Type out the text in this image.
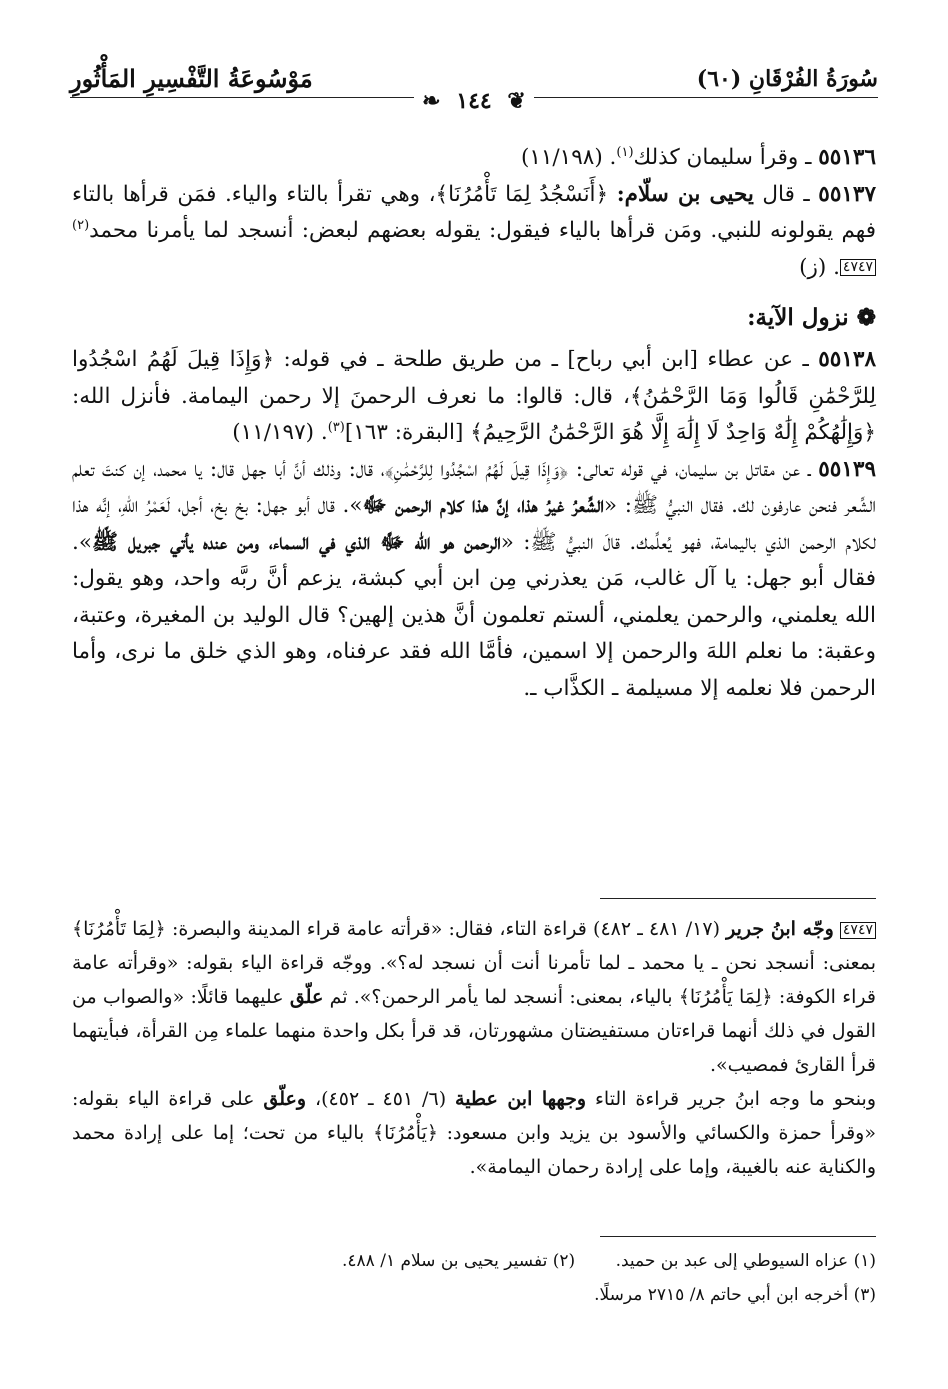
سُورَةُ الفُرْقَانِ (٦٠)
مَوْسُوعَةُ التَّفْسِيرِ المَأْثُورِ
❦ ١٤٤ ❧

٥٥١٣٦ ـ وقرأ سليمان كذلك$^{(١)}$. (١١/١٩٨)

٥٥١٣٧ ـ قال يحيى بن سلّام: ﴿أَنَسْجُدُ لِمَا تَأْمُرُنَا﴾، وهي تقرأ بالتاء والياء. فمَن قرأها بالتاء فهم يقولونه للنبي. ومَن قرأها بالياء فيقول: يقوله بعضهم لبعض: أنسجد لما يأمرنا محمد$^{(٢)}$٤٧٤٧. (ز)

❁ نزول الآية:

٥٥١٣٨ ـ عن عطاء [ابن أبي رباح] ـ من طريق طلحة ـ في قوله: ﴿وَإِذَا قِيلَ لَهُمُ اسْجُدُوا لِلرَّحْمَٰنِ قَالُوا وَمَا الرَّحْمَٰنُ﴾، قال: قالوا: ما نعرف الرحمنَ إلا رحمن اليمامة. فأنزل الله: ﴿وَإِلَٰهُكُمْ إِلَٰهٌ وَاحِدٌ لَا إِلَٰهَ إِلَّا هُوَ الرَّحْمَٰنُ الرَّحِيمُ﴾ [البقرة: ١٦٣]$^{(٣)}$. (١١/١٩٧)

٥٥١٣٩ ـ عن مقاتل بن سليمان، في قوله تعالى: ﴿وَإِذَا قِيلَ لَهُمُ اسْجُدُوا لِلرَّحْمَٰنِ﴾، قال: وذلك أنَّ أبا جهل قال: يا محمد، إن كنتَ تعلم الشِّعر فنحن عارفون لك. فقال النبيُّ ﷺ: «الشِّعرُ غيرُ هذا، إنَّ هذا كلام الرحمن ﷻ». قال أبو جهل: بخ بخ، أجل، لَعَمْرُ اللهِ، إنَّه هذا لكلام الرحمن الذي باليمامة، فهو يُعلِّمك. قالَ النبيُّ ﷺ: «الرحمن هو الله ﷻ الذي في السماء، ومن عنده يأتي جبريل ﷺ». فقال أبو جهل: يا آل غالب، مَن يعذرني مِن ابن أبي كبشة، يزعم أنَّ ربَّه واحد، وهو يقول: الله يعلمني، والرحمن يعلمني، ألستم تعلمون أنَّ هذين إلهين؟ قال الوليد بن المغيرة، وعتبة، وعقبة: ما نعلم اللهَ والرحمن إلا اسمين، فأمَّا الله فقد عرفناه، وهو الذي خلق ما نرى، وأما الرحمن فلا نعلمه إلا مسيلمة ـ الكذَّاب ـ.

٤٧٤٧ وجّه ابنُ جرير (١٧/ ٤٨١ ـ ٤٨٢) قراءة التاء، فقال: «قرأته عامة قراء المدينة والبصرة: ﴿لِمَا تَأْمُرُنَا﴾ بمعنى: أنسجد نحن ـ يا محمد ـ لما تأمرنا أنت أن نسجد له؟». ووجّه قراءة الياء بقوله: «وقرأته عامة قراء الكوفة: ﴿لِمَا يَأْمُرُنَا﴾ بالياء، بمعنى: أنسجد لما يأمر الرحمن؟». ثم علّق عليهما قائلًا: «والصواب من القول في ذلك أنهما قراءتان مستفيضتان مشهورتان، قد قرأ بكل واحدة منهما علماء مِن القرأة، فبأيتهما قرأ القارئ فمصيب».

وبنحو ما وجه ابنُ جرير قراءة التاء وجهها ابن عطية (٦/ ٤٥١ ـ ٤٥٢)، وعلّق على قراءة الياء بقوله: «وقرأ حمزة والكسائي والأسود بن يزيد وابن مسعود: ﴿يَأْمُرُنَا﴾ بالياء من تحت؛ إما على إرادة محمد والكناية عنه بالغيبة، وإما على إرادة رحمان اليمامة».

(١) عزاه السيوطي إلى عبد بن حميد.
(٢) تفسير يحيى بن سلام ١/ ٤٨٨.
(٣) أخرجه ابن أبي حاتم ٨/ ٢٧١٥ مرسلًا.
